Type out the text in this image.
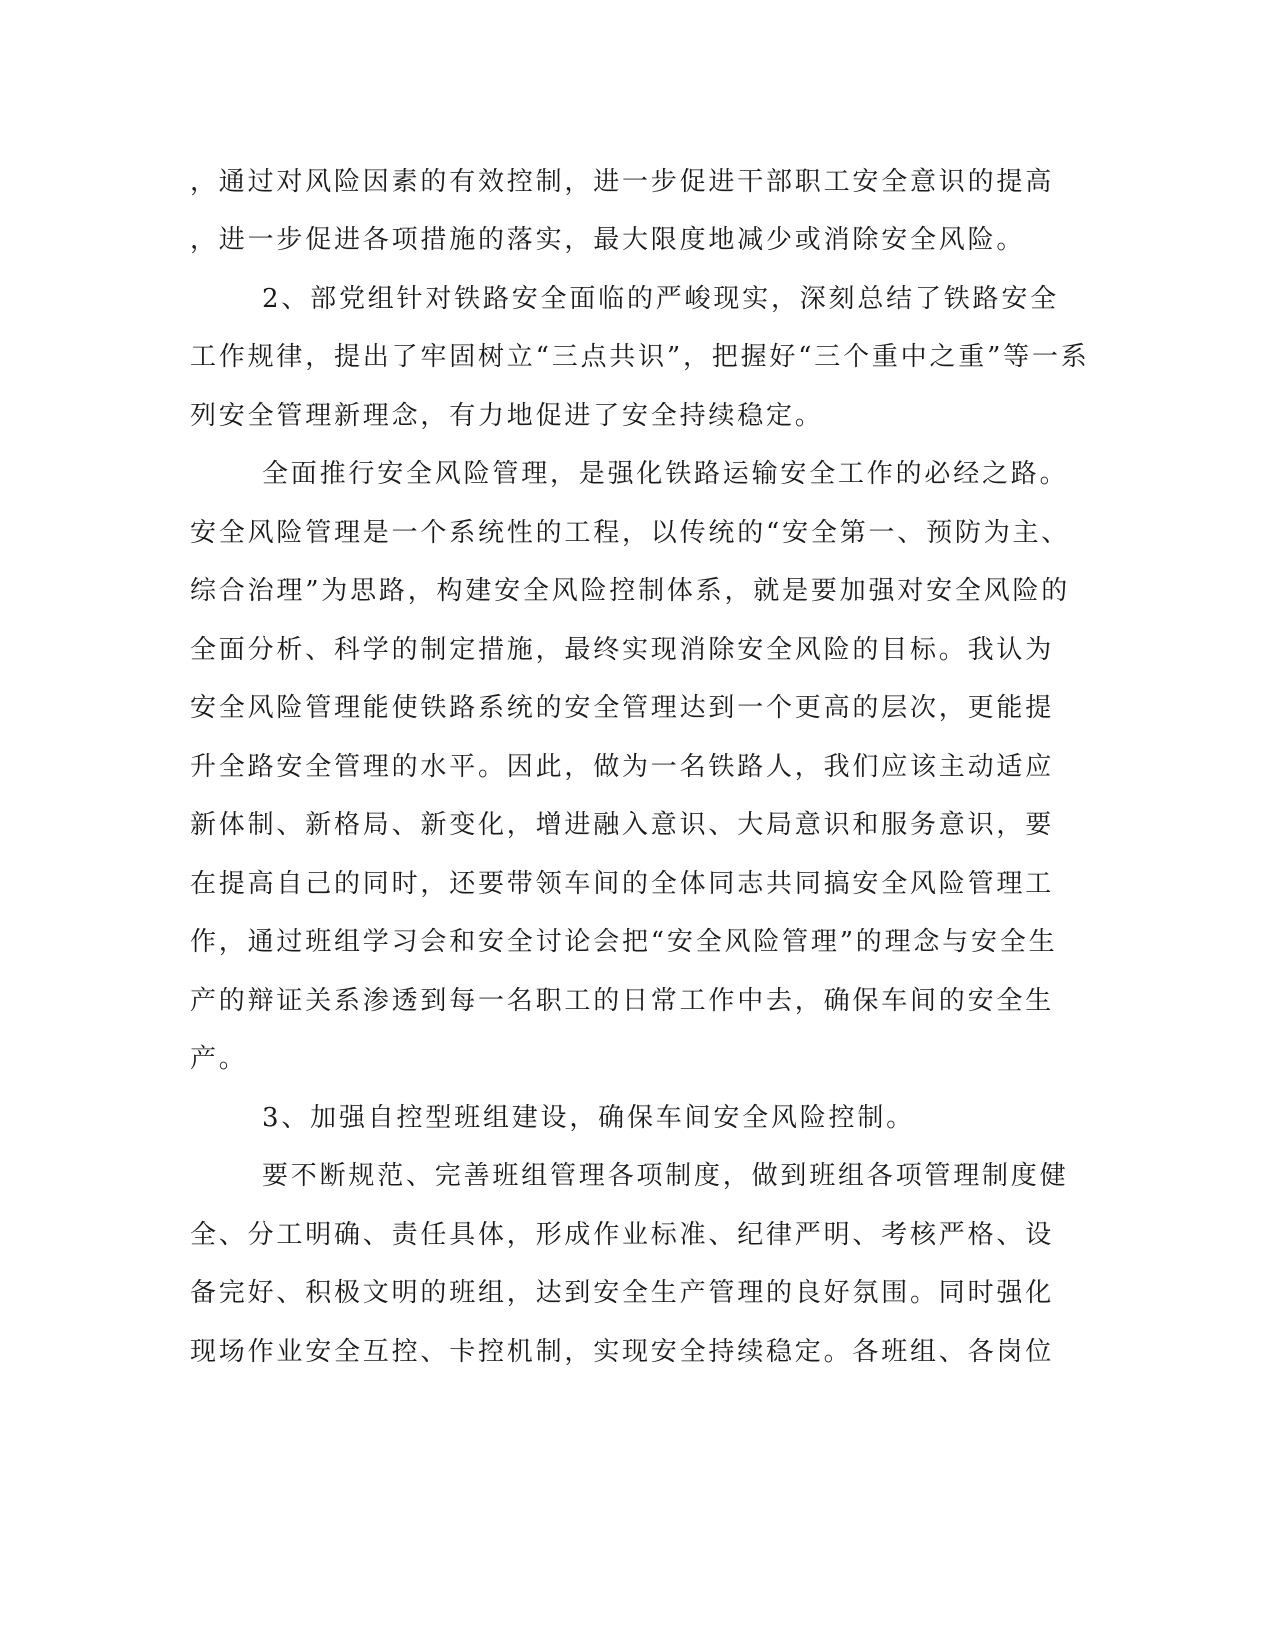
，通过对风险因素的有效控制，进一步促进干部职工安全意识的提高

，进一步促进各项措施的落实，最大限度地减少或消除安全风险。

2、部党组针对铁路安全面临的严峻现实，深刻总结了铁路安全

工作规律，提出了牢固树立“三点共识”，把握好“三个重中之重”等一系

列安全管理新理念，有力地促进了安全持续稳定。

全面推行安全风险管理，是强化铁路运输安全工作的必经之路。

安全风险管理是一个系统性的工程，以传统的“安全第一、预防为主、

综合治理”为思路，构建安全风险控制体系，就是要加强对安全风险的

全面分析、科学的制定措施，最终实现消除安全风险的目标。我认为

安全风险管理能使铁路系统的安全管理达到一个更高的层次，更能提

升全路安全管理的水平。因此，做为一名铁路人，我们应该主动适应

新体制、新格局、新变化，增进融入意识、大局意识和服务意识，要

在提高自己的同时，还要带领车间的全体同志共同搞安全风险管理工

作，通过班组学习会和安全讨论会把“安全风险管理”的理念与安全生

产的辩证关系渗透到每一名职工的日常工作中去，确保车间的安全生

产。

3、加强自控型班组建设，确保车间安全风险控制。

要不断规范、完善班组管理各项制度，做到班组各项管理制度健

全、分工明确、责任具体，形成作业标准、纪律严明、考核严格、设

备完好、积极文明的班组，达到安全生产管理的良好氛围。同时强化

现场作业安全互控、卡控机制，实现安全持续稳定。各班组、各岗位
